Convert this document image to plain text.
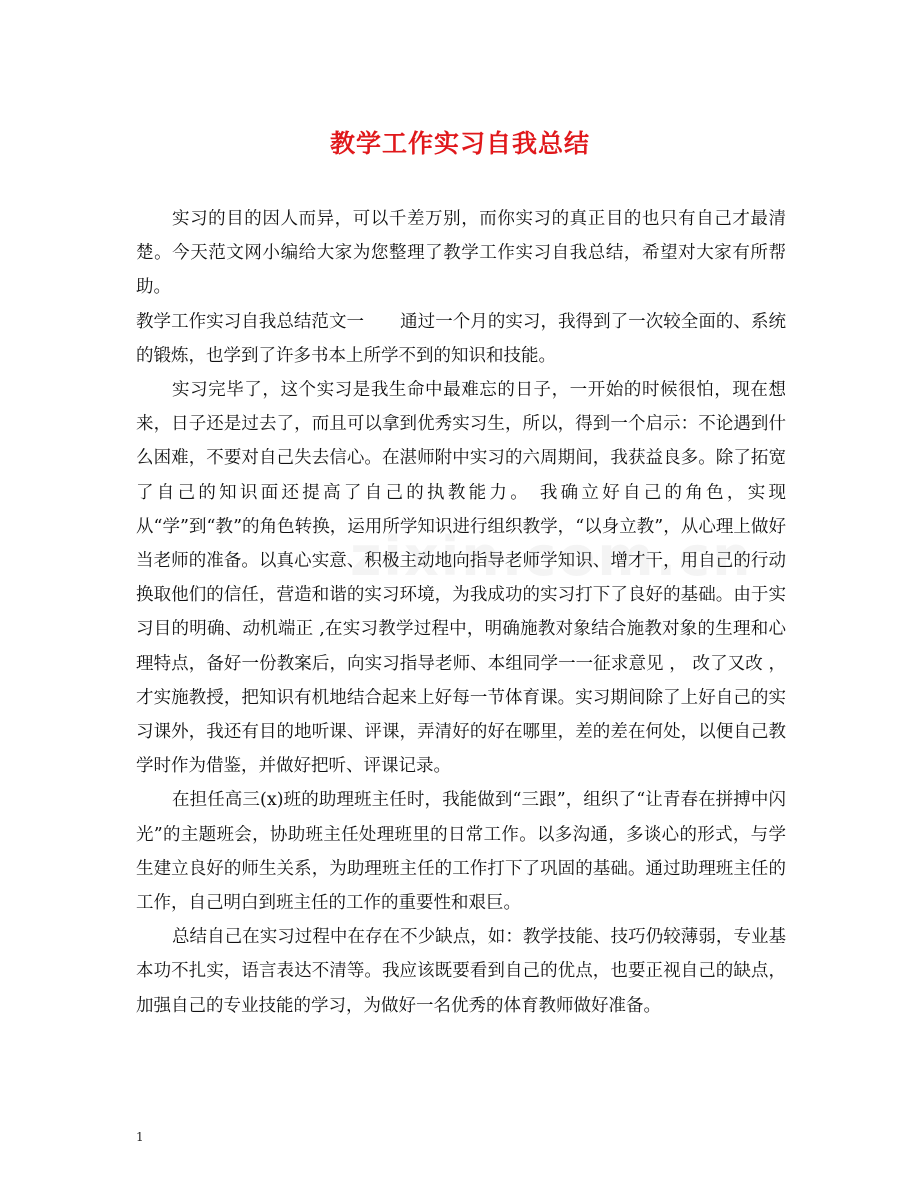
教学工作实习自我总结

实习的目的因人而异，可以千差万别，而你实习的真正目的也只有自己才最清楚。今天范文网小编给大家为您整理了教学工作实习自我总结，希望对大家有所帮助。

教学工作实习自我总结范文一 通过一个月的实习，我得到了一次较全面的、系统的锻炼，也学到了许多书本上所学不到的知识和技能。

实习完毕了，这个实习是我生命中最难忘的日子，一开始的时候很怕，现在想来，日子还是过去了，而且可以拿到优秀实习生，所以，得到一个启示：不论遇到什么困难，不要对自己失去信心。在湛师附中实习的六周期间，我获益良多。除了拓宽了自己的知识面还提高了自己的执教能力。 我确立好自己的角色，实现从“学”到“教”的角色转换，运用所学知识进行组织教学，“以身立教”，从心理上做好当老师的准备。以真心实意、积极主动地向指导老师学知识、增才干，用自己的行动换取他们的信任，营造和谐的实习环境，为我成功的实习打下了良好的基础。由于实习目的明确、动机端正 ,在实习教学过程中，明确施教对象结合施教对象的生理和心理特点，备好一份教案后，向实习指导老师、本组同学一一征求意见 ， 改了又改 ， 才实施教授，把知识有机地结合起来上好每一节体育课。实习期间除了上好自己的实习课外，我还有目的地听课、评课，弄清好的好在哪里，差的差在何处，以便自己教学时作为借鉴，并做好把听、评课记录。

在担任高三(x)班的助理班主任时，我能做到“三跟”，组织了“让青春在拼搏中闪光”的主题班会，协助班主任处理班里的日常工作。以多沟通，多谈心的形式，与学生建立良好的师生关系，为助理班主任的工作打下了巩固的基础。通过助理班主任的工作，自己明白到班主任的工作的重要性和艰巨。

总结自己在实习过程中在存在不少缺点，如：教学技能、技巧仍较薄弱，专业基本功不扎实，语言表达不清等。我应该既要看到自己的优点，也要正视自己的缺点，加强自己的专业技能的学习，为做好一名优秀的体育教师做好准备。

1
